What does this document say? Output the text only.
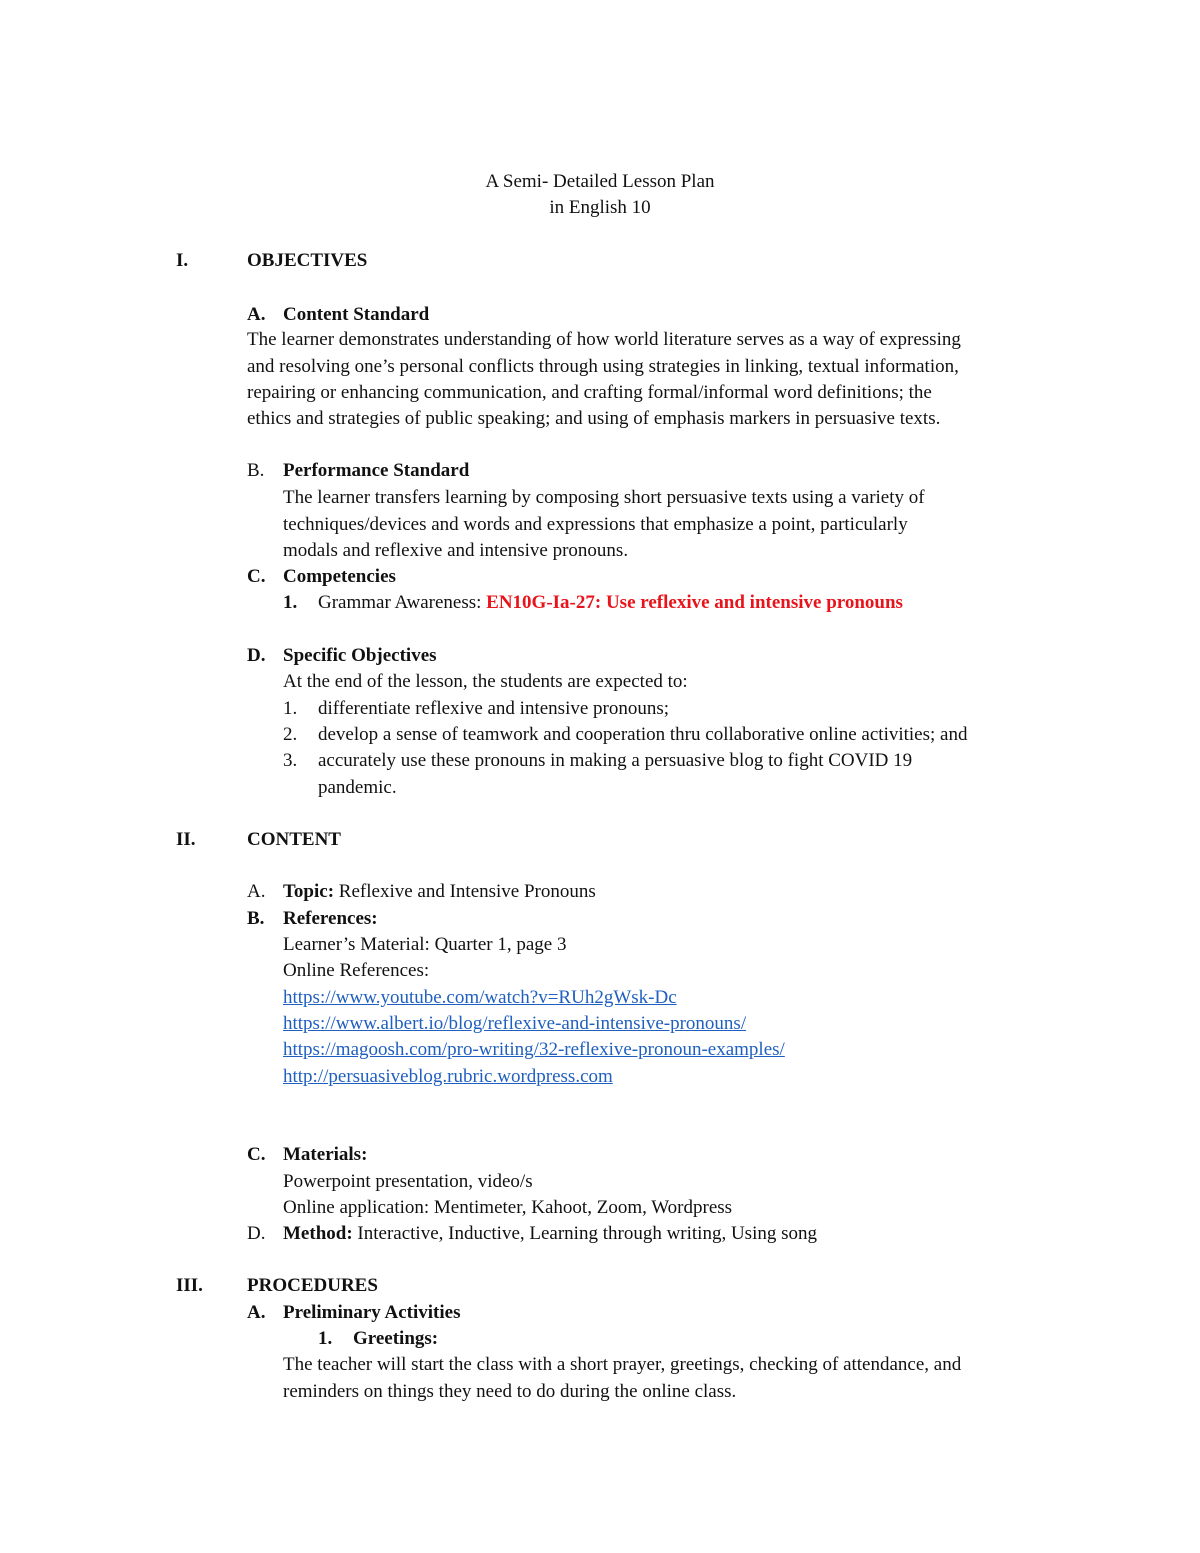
A Semi- Detailed Lesson Plan
in English 10
I.	OBJECTIVES
A. Content Standard
The learner demonstrates understanding of how world literature serves as a way of expressing
and resolving one’s personal conflicts through using strategies in linking, textual information,
repairing or enhancing communication, and crafting formal/informal word definitions; the
ethics and strategies of public speaking; and using of emphasis markers in persuasive texts.
B. Performance Standard
The learner transfers learning by composing short persuasive texts using a variety of
techniques/devices and words and expressions that emphasize a point, particularly
modals and reflexive and intensive pronouns.
C. Competencies
1. Grammar Awareness: EN10G-Ia-27: Use reflexive and intensive pronouns
D. Specific Objectives
At the end of the lesson, the students are expected to:
1. differentiate reflexive and intensive pronouns;
2. develop a sense of teamwork and cooperation thru collaborative online activities; and
3. accurately use these pronouns in making a persuasive blog to fight COVID 19
pandemic.
II.	CONTENT
A. Topic: Reflexive and Intensive Pronouns
B. References:
Learner’s Material: Quarter 1, page 3
Online References:
https://www.youtube.com/watch?v=RUh2gWsk-Dc
https://www.albert.io/blog/reflexive-and-intensive-pronouns/
https://magoosh.com/pro-writing/32-reflexive-pronoun-examples/
http://persuasiveblog.rubric.wordpress.com
C. Materials:
Powerpoint presentation, video/s
Online application: Mentimeter, Kahoot, Zoom, Wordpress
D. Method: Interactive, Inductive, Learning through writing, Using song
III. PROCEDURES
A. Preliminary Activities
1. Greetings:
The teacher will start the class with a short prayer, greetings, checking of attendance, and
reminders on things they need to do during the online class.
